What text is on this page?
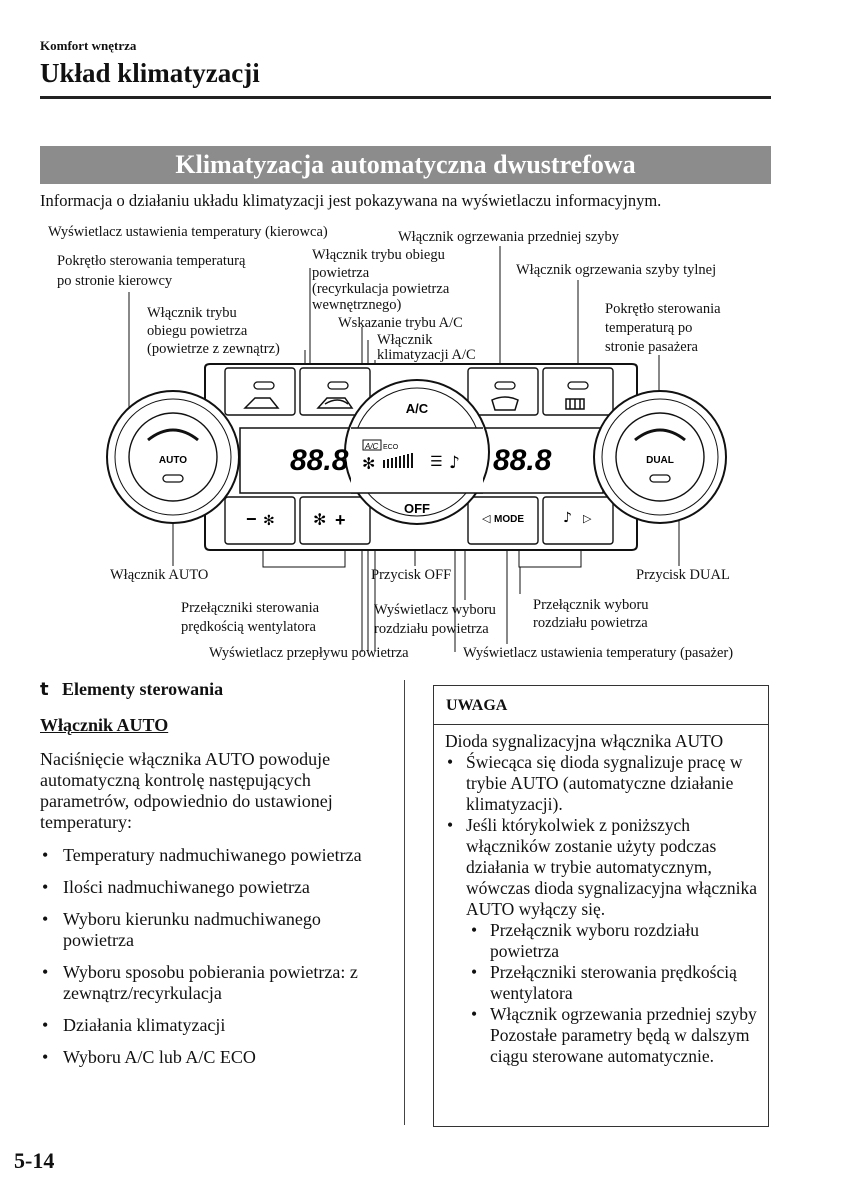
Komfort wnętrza
Układ klimatyzacji
Klimatyzacja automatyczna dwustrefowa
Informacja o działaniu układu klimatyzacji jest pokazywana na wyświetlaczu informacyjnym.
Wyświetlacz ustawienia temperatury (kierowca)
Pokrętło sterowania temperaturą
po stronie kierowcy
Włącznik trybu
obiegu powietrza
(powietrze z zewnątrz)
Włącznik trybu obiegu
powietrza
(recyrkulacja powietrza
wewnętrznego)
Wskazanie trybu A/C
Włącznik
klimatyzacji A/C
Włącznik ogrzewania przedniej szyby
Włącznik ogrzewania szyby tylnej
Pokrętło sterowania
temperaturą po
stronie pasażera
Włącznik AUTO	Przycisk OFF	Przycisk DUAL
Przełączniki sterowania
prędkością wentylatora
Wyświetlacz wyboru
rozdziału powietrza
Przełącznik wyboru
rozdziału powietrza
Wyświetlacz przepływu powietrza	Wyświetlacz ustawienia temperatury (pasażer)
A/C
OFF
88.8	88.8
A/C ECO
✻	☰ ♪
− ✻ ✻ +	◁ MODE	♪ ▷
AUTO	DUAL
t Elementy sterowania
Włącznik AUTO
Naciśnięcie włącznika AUTO powoduje automatyczną kontrolę następujących parametrów, odpowiednio do ustawionej temperatury:
• Temperatury nadmuchiwanego powietrza
• Ilości nadmuchiwanego powietrza
• Wyboru kierunku nadmuchiwanego powietrza
• Wyboru sposobu pobierania powietrza: z zewnątrz/recyrkulacja
• Działania klimatyzacji
• Wyboru A/C lub A/C ECO
UWAGA
Dioda sygnalizacyjna włącznika AUTO
• Świecąca się dioda sygnalizuje pracę w trybie AUTO (automatyczne działanie klimatyzacji).
• Jeśli którykolwiek z poniższych włączników zostanie użyty podczas działania w trybie automatycznym, wówczas dioda sygnalizacyjna włącznika AUTO wyłączy się.
• Przełącznik wyboru rozdziału powietrza
• Przełączniki sterowania prędkością wentylatora
• Włącznik ogrzewania przedniej szyby
Pozostałe parametry będą w dalszym ciągu sterowane automatycznie.
5-14
